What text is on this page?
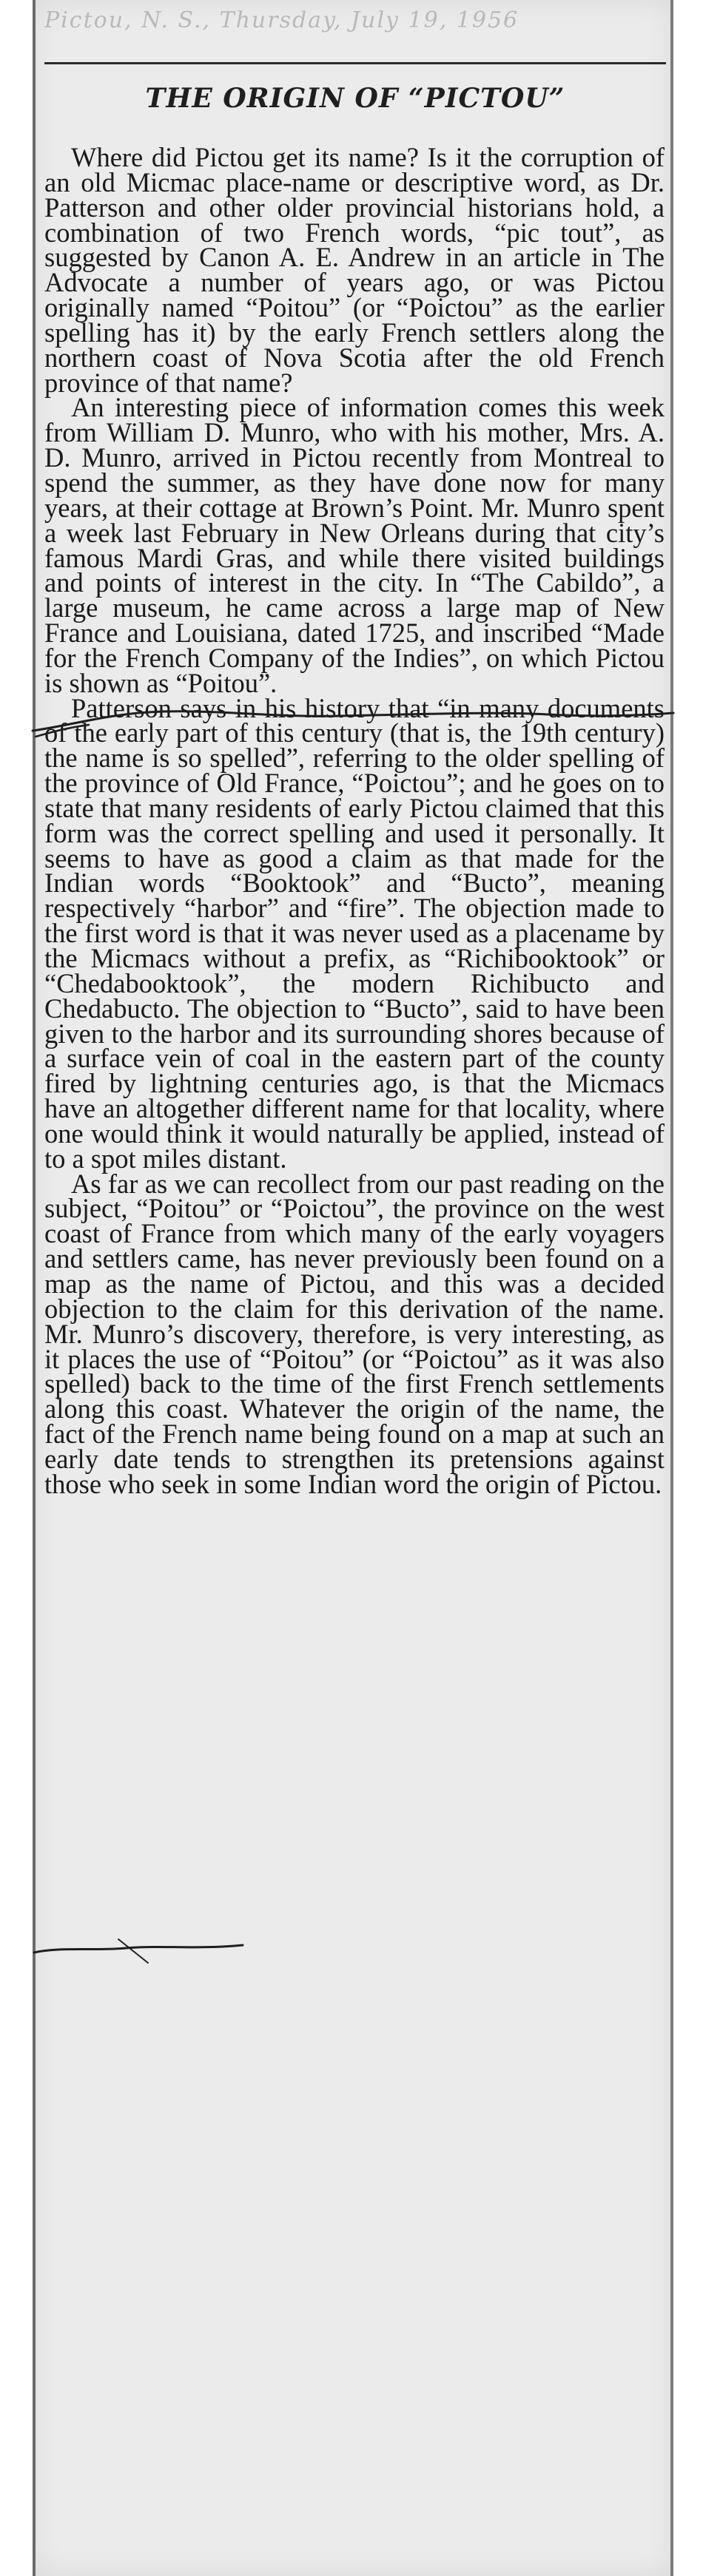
Pictou, N. S., Thursday, July 19, 1956
THE ORIGIN OF “PICTOU”

Where did Pictou get its name? Is it the corruption of an old Micmac place-name or descriptive word, as Dr. Patterson and other older provincial historians hold, a combination of two French words, “pic tout”, as suggested by Canon A. E. Andrew in an article in The Advocate a number of years ago, or was Pictou originally named “Poitou” (or “Poictou” as the earlier spelling has it) by the early French settlers along the northern coast of Nova Scotia after the old French province of that name?

An interesting piece of information comes this week from William D. Munro, who with his mother, Mrs. A. D. Munro, arrived in Pictou recently from Montreal to spend the summer, as they have done now for many years, at their cottage at Brown’s Point. Mr. Munro spent a week last February in New Orleans during that city’s famous Mardi Gras, and while there visited buildings and points of interest in the city. In “The Cabildo”, a large museum, he came across a large map of New France and Louisiana, dated 1725, and inscribed “Made for the French Company of the Indies”, on which Pictou is shown as “Poitou”.

Patterson says in his history that “in many documents of the early part of this century (that is, the 19th century) the name is so spelled”, referring to the older spelling of the province of Old France, “Poictou”; and he goes on to state that many residents of early Pictou claimed that this form was the correct spelling and used it personally. It seems to have as good a claim as that made for the Indian words “Booktook” and “Bucto”, meaning respectively “harbor” and “fire”. The objection made to the first word is that it was never used as a placename by the Micmacs without a prefix, as “Richibooktook” or “Chedabooktook”, the modern Richibucto and Chedabucto. The objection to “Bucto”, said to have been given to the harbor and its surrounding shores because of a surface vein of coal in the eastern part of the county fired by lightning centuries ago, is that the Micmacs have an altogether different name for that locality, where one would think it would naturally be applied, instead of to a spot miles distant.

As far as we can recollect from our past reading on the subject, “Poitou” or “Poictou”, the province on the west coast of France from which many of the early voyagers and settlers came, has never previously been found on a map as the name of Pictou, and this was a decided objection to the claim for this derivation of the name. Mr. Munro’s discovery, therefore, is very interesting, as it places the use of “Poitou” (or “Poictou” as it was also spelled) back to the time of the first French settlements along this coast. Whatever the origin of the name, the fact of the French name being found on a map at such an early date tends to strengthen its pretensions against those who seek in some Indian word the origin of Pictou.
